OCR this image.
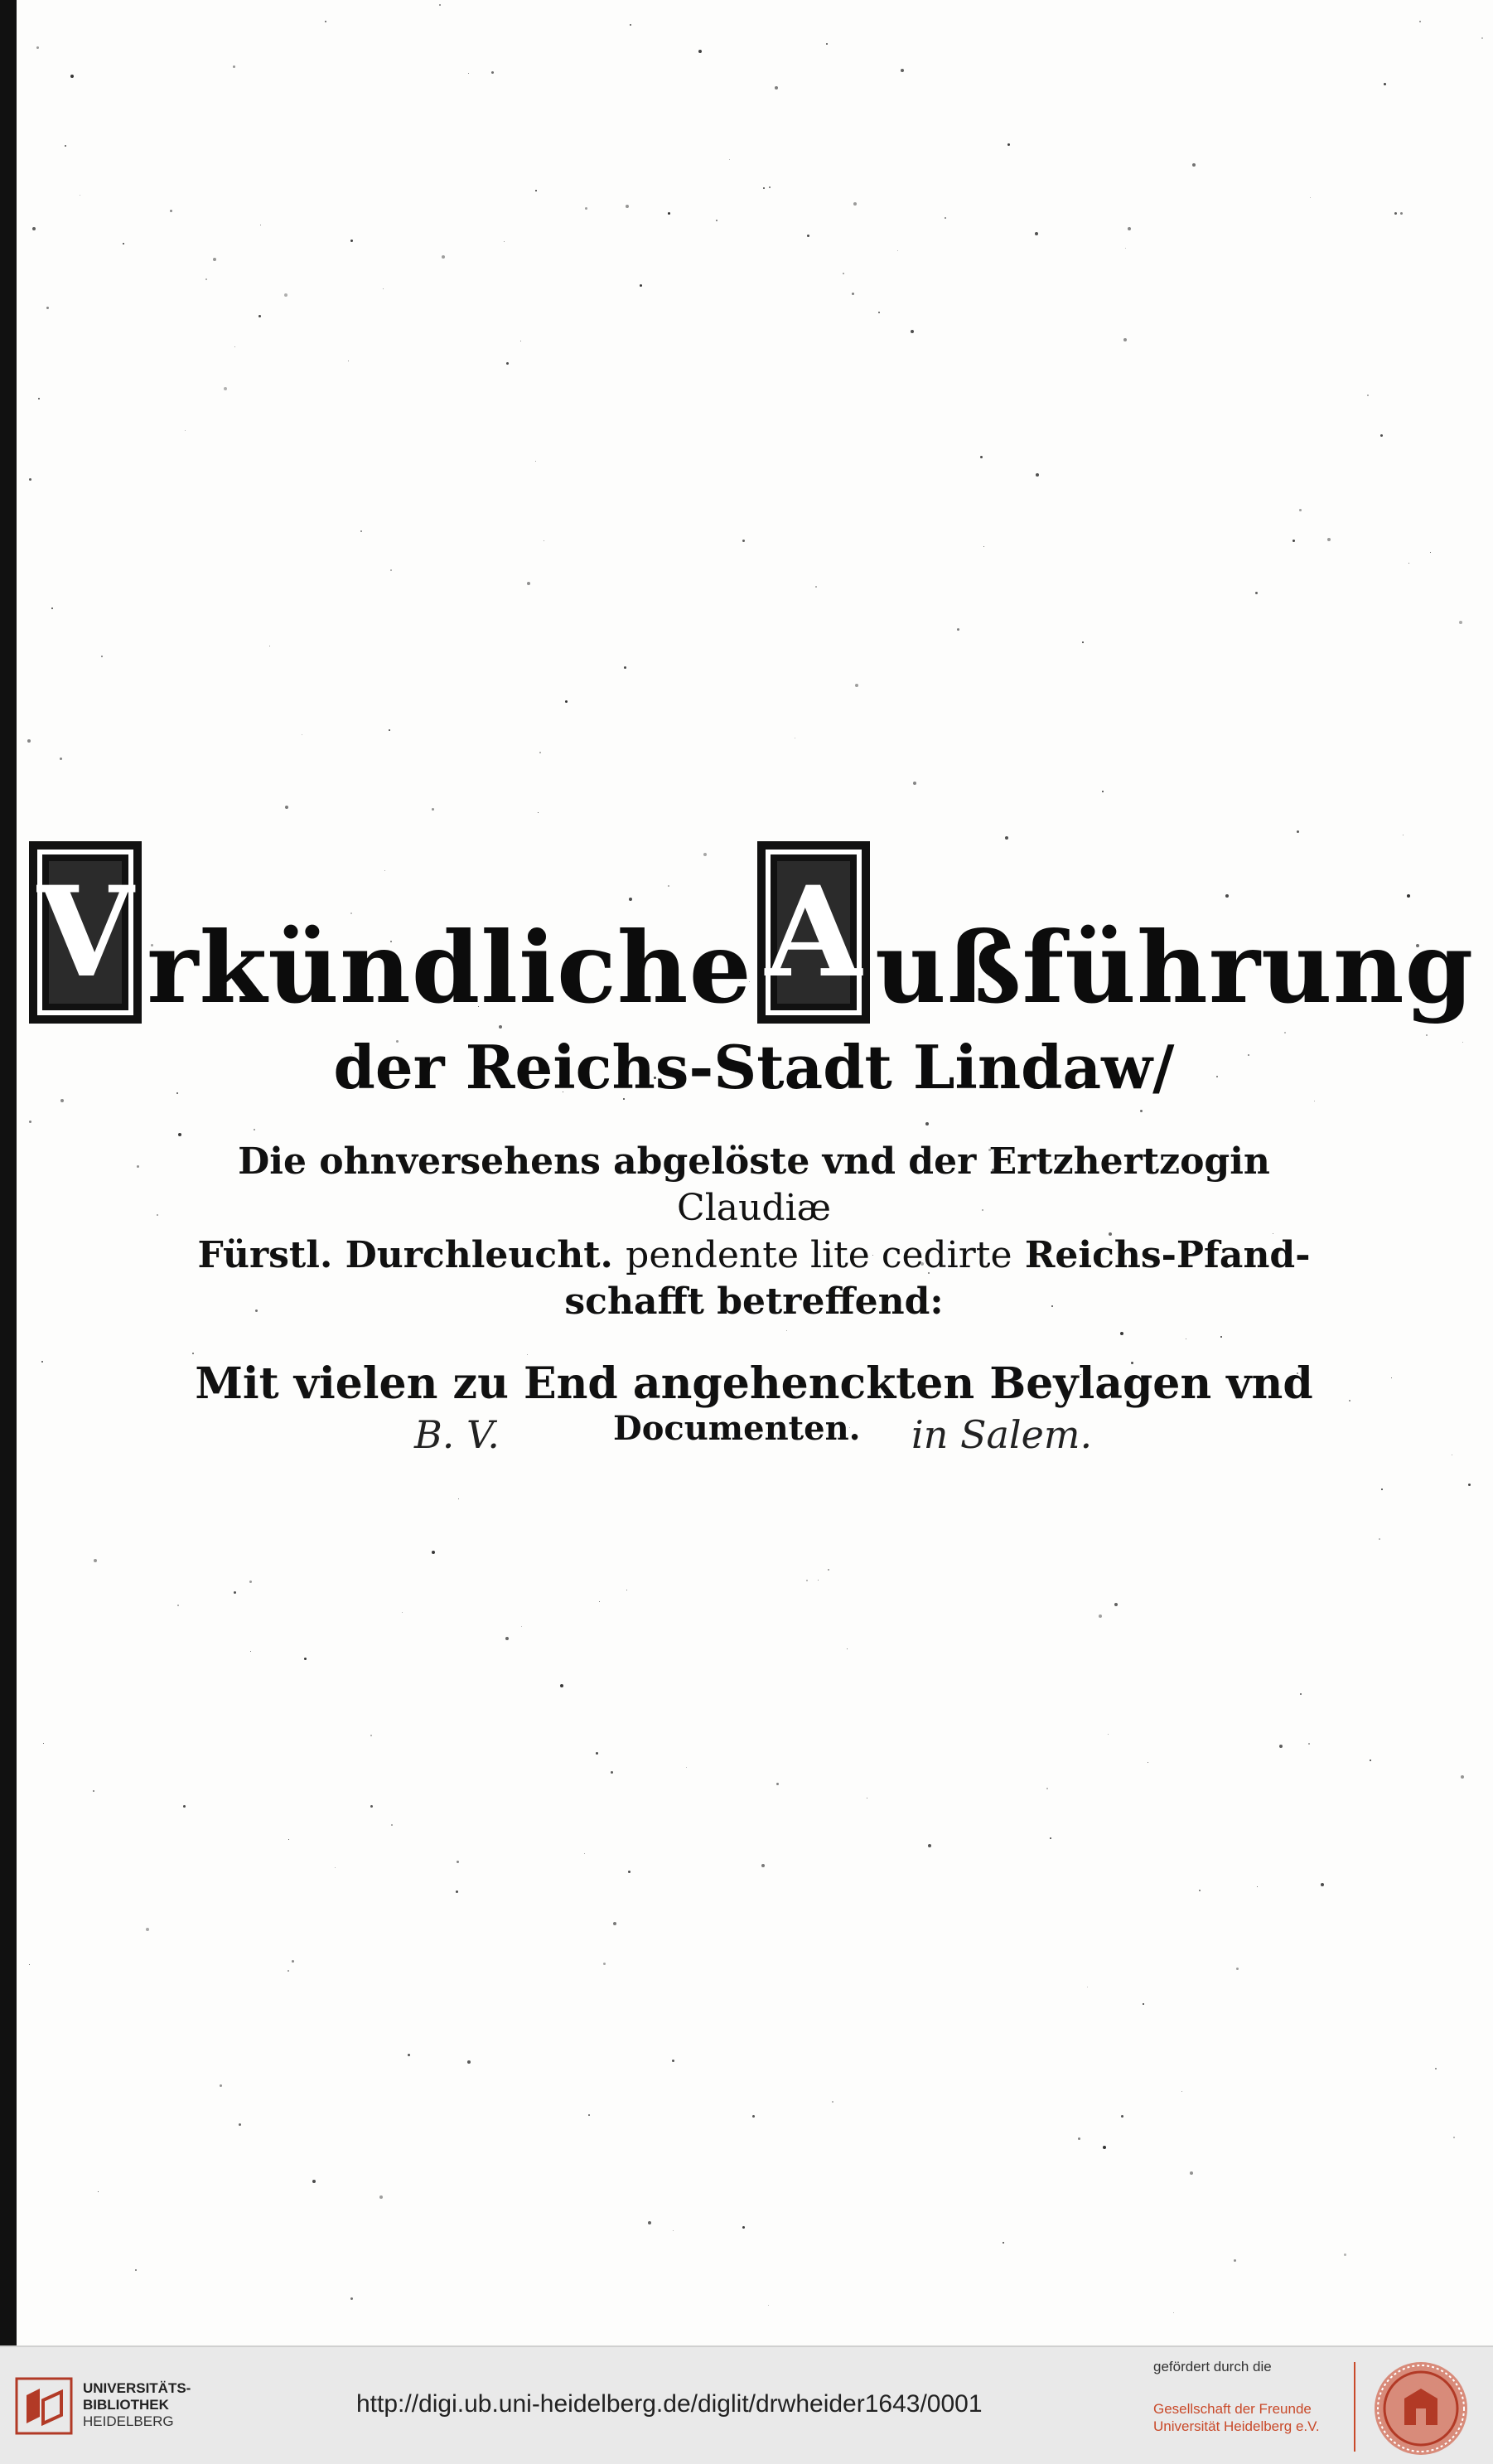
V rkündliche A ußführung
der Reichs-Stadt Lindaw/
Die ohnversehens abgelöste vnd der Ertzhertzogin Claudiæ
Fürstl. Durchleucht. pendente lite cedirte Reichs-Pfand-
schafft betreffend:
Mit vielen zu End angehenckten Beylagen vnd
B. V.	Documenten. in Salem.
UNIVERSITÄTS-
BIBLIOTHEK
HEIDELBERG
http://digi.ub.uni-heidelberg.de/diglit/drwheider1643/0001
gefördert durch die
Gesellschaft der Freunde
Universität Heidelberg e.V.
